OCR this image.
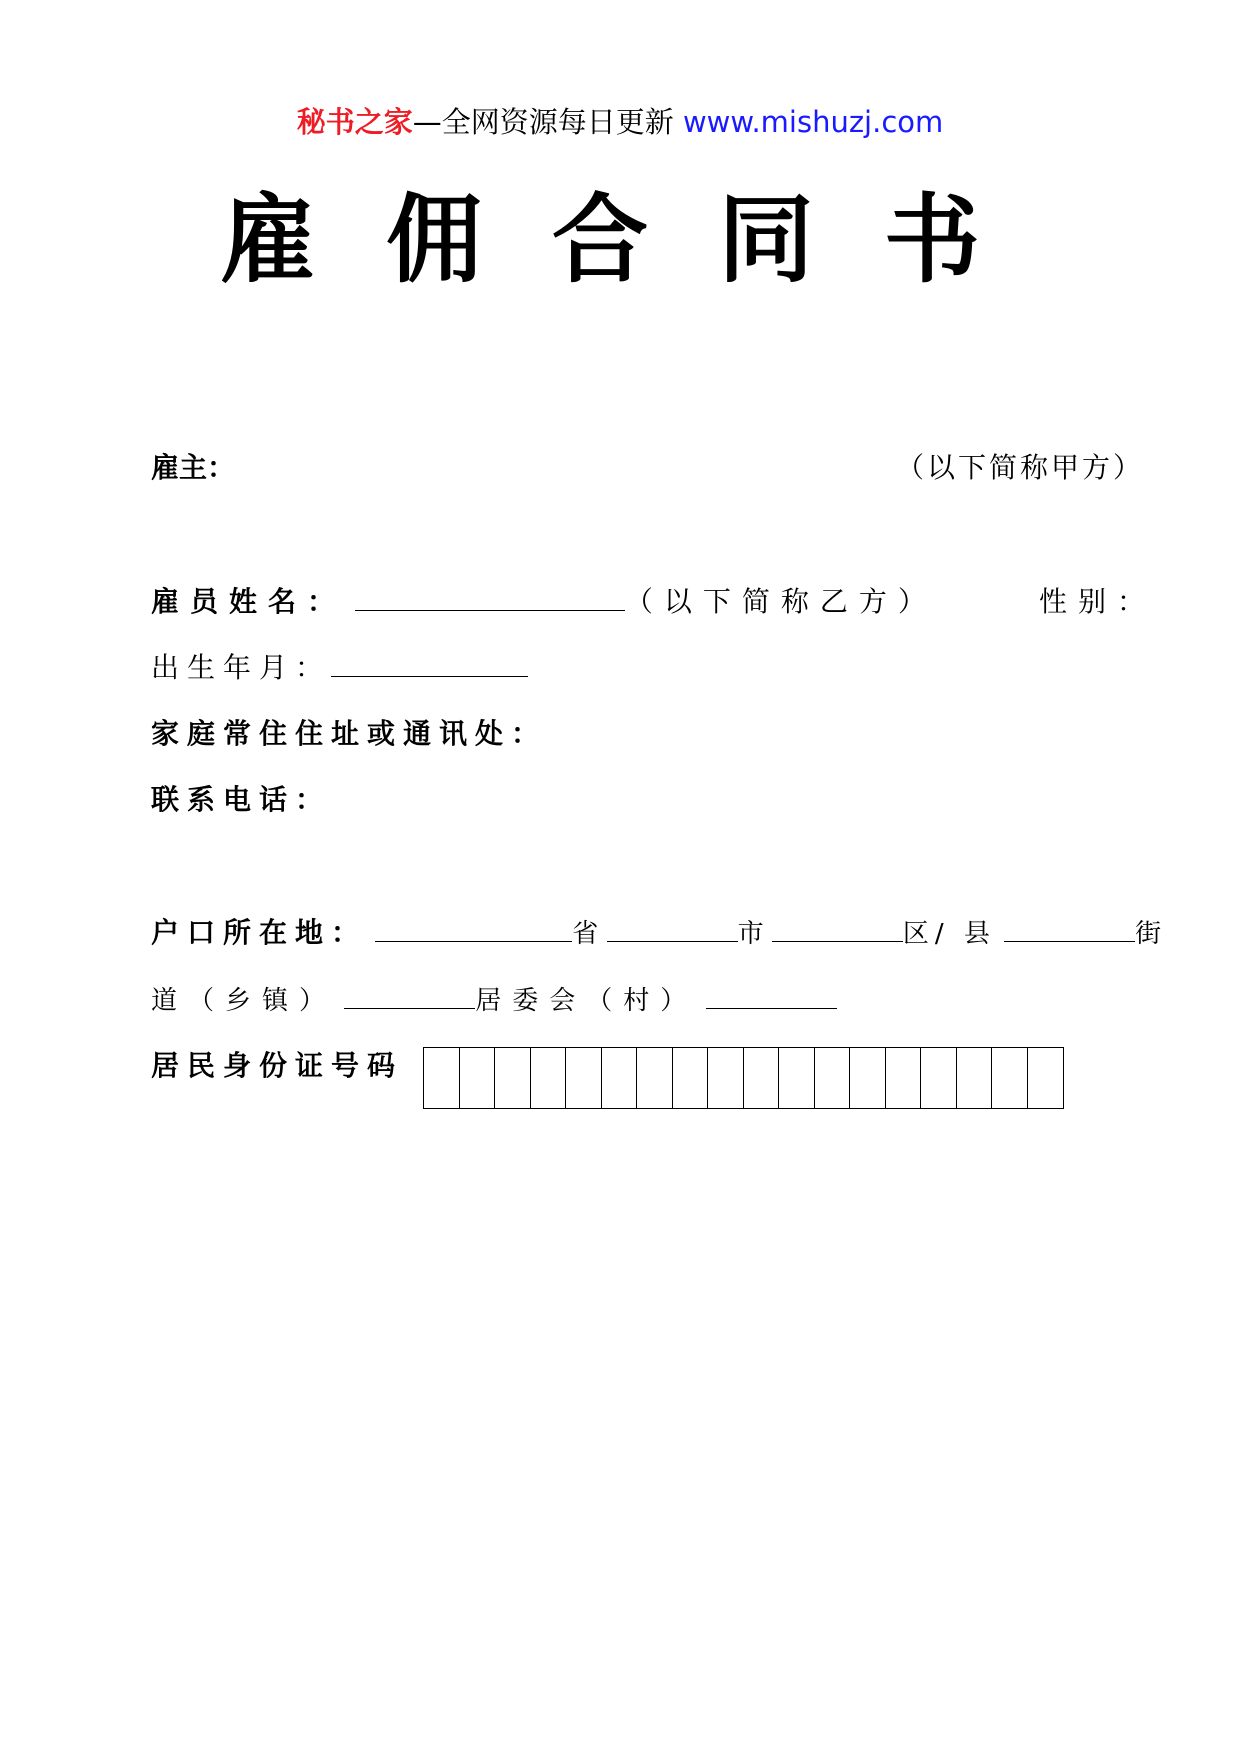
秘书之家—全网资源每日更新 www.mishuzj.com
雇佣合同书
雇主：	（以下简称甲方）
雇员姓名：	（以下简称乙方）	性别：
出生年月：
家庭常住住址或通讯处：
联系电话：
户口所在地：	省	市	区/ 县	街
道（乡镇）	居委会（村）
居民身份证号码
